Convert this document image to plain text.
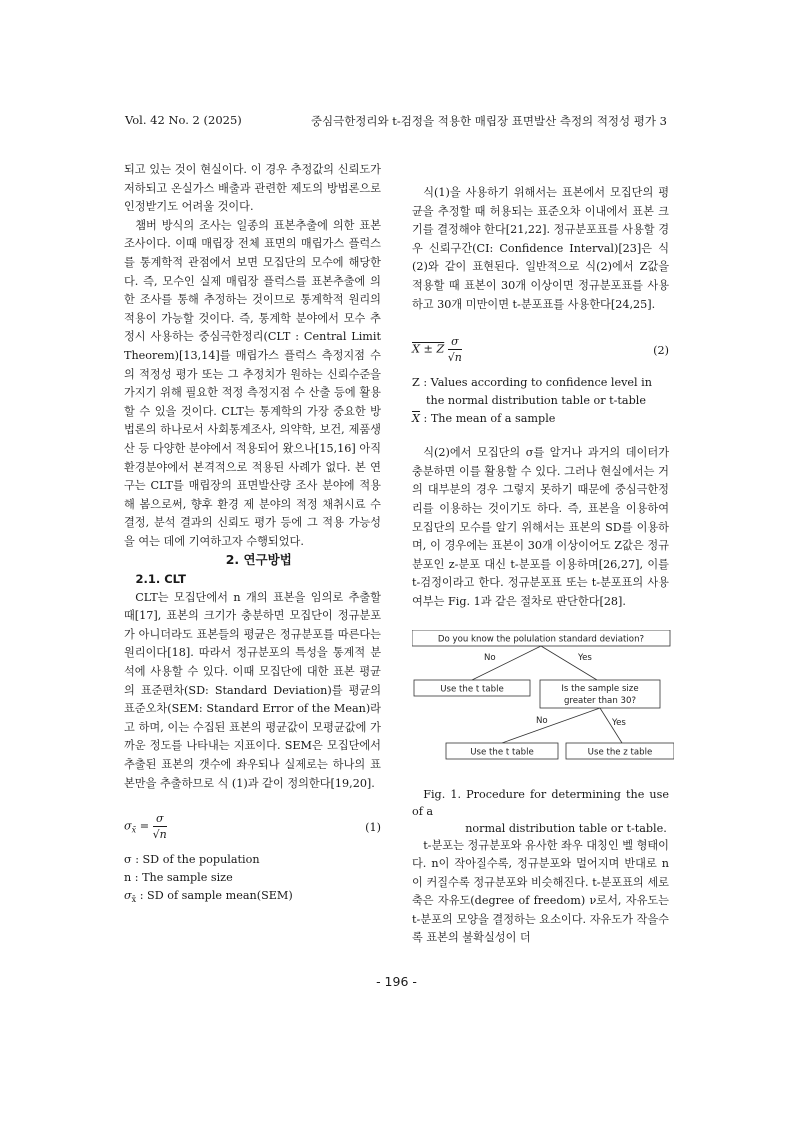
Vol. 42 No. 2 (2025)	중심극한정리와 t-검정을 적용한 매립장 표면발산 측정의 적정성 평가 3

되고 있는 것이 현실이다. 이 경우 추정값의 신뢰도가 저하되고 온실가스 배출과 관련한 제도의 방법론으로 인정받기도 어려울 것이다.

챔버 방식의 조사는 일종의 표본추출에 의한 표본조사이다. 이때 매립장 전체 표면의 매립가스 플럭스를 통계학적 관점에서 보면 모집단의 모수에 해당한다. 즉, 모수인 실제 매립장 플럭스를 표본추출에 의한 조사를 통해 추정하는 것이므로 통계학적 원리의 적용이 가능할 것이다. 즉, 통계학 분야에서 모수 추정시 사용하는 중심극한정리(CLT : Central Limit Theorem)[13,14]를 매립가스 플럭스 측정지점 수의 적정성 평가 또는 그 추정치가 원하는 신뢰수준을 가지기 위해 필요한 적정 측정지점 수 산출 등에 활용할 수 있을 것이다. CLT는 통계학의 가장 중요한 방법론의 하나로서 사회통계조사, 의약학, 보건, 제품생산 등 다양한 분야에서 적용되어 왔으나[15,16] 아직 환경분야에서 본격적으로 적용된 사례가 없다. 본 연구는 CLT를 매립장의 표면발산량 조사 분야에 적용해 봄으로써, 향후 환경 제 분야의 적정 채취시료 수 결정, 분석 결과의 신뢰도 평가 등에 그 적용 가능성을 여는 데에 기여하고자 수행되었다.

2. 연구방법

2.1. CLT

CLT는 모집단에서 n 개의 표본을 임의로 추출할 때[17], 표본의 크기가 충분하면 모집단이 정규분포가 아니더라도 표본들의 평균은 정규분포를 따른다는 원리이다[18]. 따라서 정규분포의 특성을 통계적 분석에 사용할 수 있다. 이때 모집단에 대한 표본 평균의 표준편차(SD: Standard Deviation)를 평균의 표준오차(SEM: Standard Error of the Mean)라고 하며, 이는 수집된 표본의 평균값이 모평균값에 가까운 정도를 나타내는 지표이다. SEM은 모집단에서 추출된 표본의 갯수에 좌우되나 실제로는 하나의 표본만을 추출하므로 식 (1)과 같이 정의한다[19,20].

$\sigma_{x̄} = \frac{\sigma}{√n}$	(1)
σ : SD of the population
n : The sample size
$\sigma_{x̄}$ : SD of sample mean(SEM)

식(1)을 사용하기 위해서는 표본에서 모집단의 평균을 추정할 때 허용되는 표준오차 이내에서 표본 크기를 결정해야 한다[21,22]. 정규분포표를 사용할 경우 신뢰구간(CI: Confidence Interval)[23]은 식 (2)와 같이 표현된다. 일반적으로 식(2)에서 Z값을 적용할 때 표본이 30개 이상이면 정규분포표를 사용하고 30개 미만이면 t-분포표를 사용한다[24,25].

X ± Z $\frac{\sigma}{√n}$	(2)
Z : Values according to confidence level in
the normal distribution table or t-table
$\overline{X}$ : The mean of a sample

식(2)에서 모집단의 σ를 알거나 과거의 데이터가 충분하면 이를 활용할 수 있다. 그러나 현실에서는 거의 대부분의 경우 그렇지 못하기 때문에 중심극한정리를 이용하는 것이기도 하다. 즉, 표본을 이용하여 모집단의 모수를 알기 위해서는 표본의 SD를 이용하며, 이 경우에는 표본이 30개 이상이어도 Z값은 정규분포인 z-분포 대신 t-분포를 이용하며[26,27], 이를 t-검정이라고 한다. 정규분포표 또는 t-분포표의 사용 여부는 Fig. 1과 같은 절차로 판단한다[28].

Do you know the polulation standard deviation?
No	Yes
Use the t table	Is the sample size
greater than 30?
No	Yes
Use the t table	Use the z table

Fig. 1. Procedure for determining the use of a
normal distribution table or t-table.

t-분포는 정규분포와 유사한 좌우 대칭인 벨 형태이다. n이 작아질수록, 정규분포와 멀어지며 반대로 n이 커질수록 정규분포와 비슷해진다. t-분포표의 세로축은 자유도(degree of freedom) ν로서, 자유도는 t-분포의 모양을 결정하는 요소이다. 자유도가 작을수록 표본의 불확실성이 더

- 196 -
